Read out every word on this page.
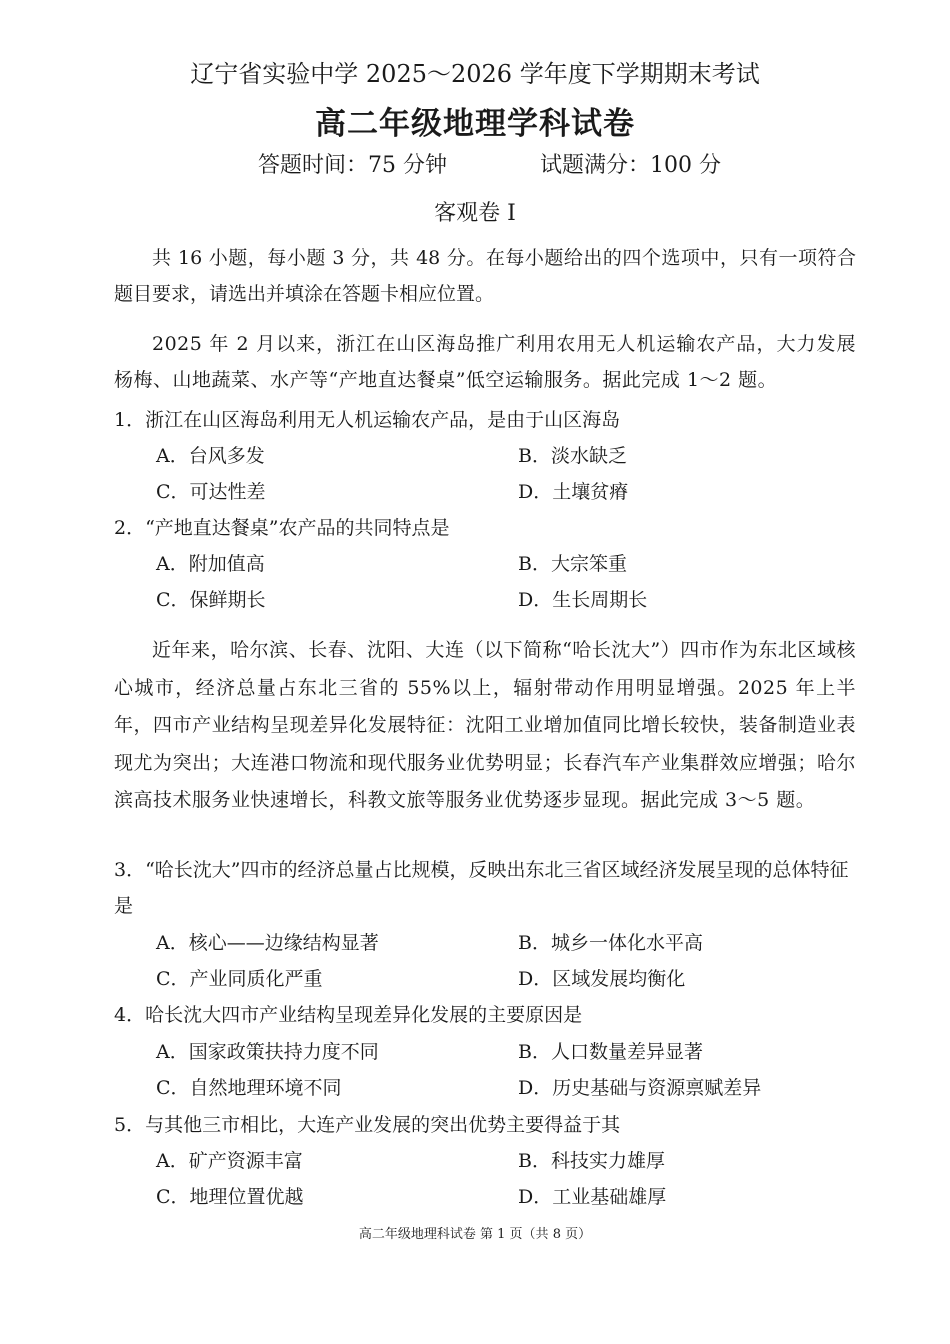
辽宁省实验中学 2025～2026 学年度下学期期末考试
高二年级地理学科试卷
答题时间：75 分钟	试题满分：100 分
客观卷 I
共 16 小题，每小题 3 分，共 48 分。在每小题给出的四个选项中，只有一项符合题目要求，请选出并填涂在答题卡相应位置。
2025 年 2 月以来，浙江在山区海岛推广利用农用无人机运输农产品，大力发展杨梅、山地蔬菜、水产等“产地直达餐桌”低空运输服务。据此完成 1～2 题。
1．浙江在山区海岛利用无人机运输农产品，是由于山区海岛
A．台风多发	B．淡水缺乏
C．可达性差	D．土壤贫瘠
2．“产地直达餐桌”农产品的共同特点是
A．附加值高	B．大宗笨重
C．保鲜期长	D．生长周期长
近年来，哈尔滨、长春、沈阳、大连（以下简称“哈长沈大”）四市作为东北区域核心城市，经济总量占东北三省的 55%以上，辐射带动作用明显增强。2025 年上半年，四市产业结构呈现差异化发展特征：沈阳工业增加值同比增长较快，装备制造业表现尤为突出；大连港口物流和现代服务业优势明显；长春汽车产业集群效应增强；哈尔滨高技术服务业快速增长，科教文旅等服务业优势逐步显现。据此完成 3～5 题。
3．“哈长沈大”四市的经济总量占比规模，反映出东北三省区域经济发展呈现的总体特征是
A．核心——边缘结构显著	B．城乡一体化水平高
C．产业同质化严重	D．区域发展均衡化
4．哈长沈大四市产业结构呈现差异化发展的主要原因是
A．国家政策扶持力度不同	B．人口数量差异显著
C．自然地理环境不同	D．历史基础与资源禀赋差异
5．与其他三市相比，大连产业发展的突出优势主要得益于其
A．矿产资源丰富	B．科技实力雄厚
C．地理位置优越	D．工业基础雄厚
高二年级地理科试卷 第 1 页（共 8 页）
